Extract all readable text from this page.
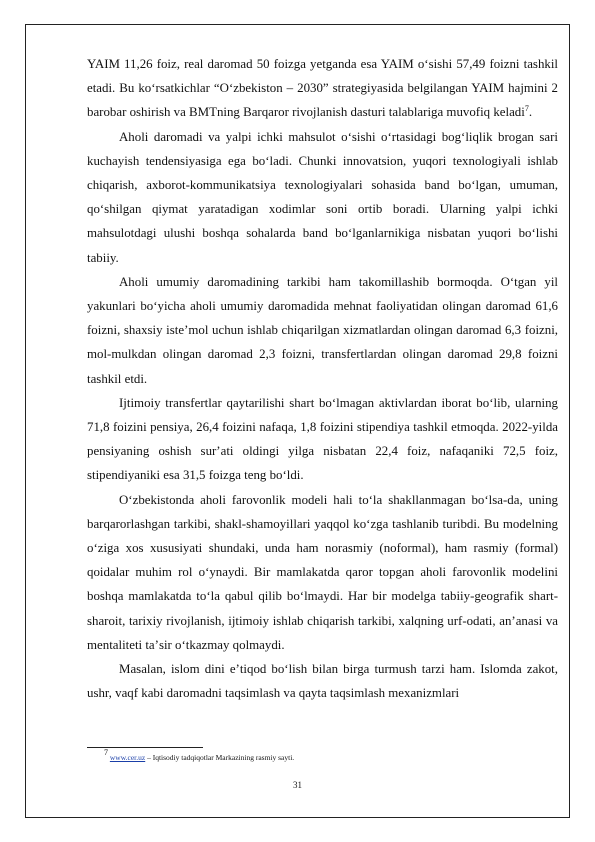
YAIM 11,26 foiz, real daromad 50 foizga yetganda esa YAIM o‘sishi 57,49 foizni tashkil etadi. Bu ko‘rsatkichlar “O‘zbekiston – 2030” strategiyasida belgilangan YAIM hajmini 2 barobar oshirish va BMTning Barqaror rivojlanish dasturi talablariga muvofiq keladi$^7$.

Aholi daromadi va yalpi ichki mahsulot o‘sishi o‘rtasidagi bog‘liqlik brogan sari kuchayish tendensiyasiga ega bo‘ladi. Chunki innovatsion, yuqori texnologiyali ishlab chiqarish, axborot-kommunikatsiya texnologiyalari sohasida band bo‘lgan, umuman, qo‘shilgan qiymat yaratadigan xodimlar soni ortib boradi. Ularning yalpi ichki mahsulotdagi ulushi boshqa sohalarda band bo‘lganlarnikiga nisbatan yuqori bo‘lishi tabiiy.

Aholi umumiy daromadining tarkibi ham takomillashib bormoqda. O‘tgan yil yakunlari bo‘yicha aholi umumiy daromadida mehnat faoliyatidan olingan daromad 61,6 foizni, shaxsiy isteʼmol uchun ishlab chiqarilgan xizmatlardan olingan daromad 6,3 foizni, mol-mulkdan olingan daromad 2,3 foizni, transfertlardan olingan daromad 29,8 foizni tashkil etdi.

Ijtimoiy transfertlar qaytarilishi shart bo‘lmagan aktivlardan iborat bo‘lib, ularning 71,8 foizini pensiya, 26,4 foizini nafaqa, 1,8 foizini stipendiya tashkil etmoqda. 2022-yilda pensiyaning oshish surʼati oldingi yilga nisbatan 22,4 foiz, nafaqaniki 72,5 foiz, stipendiyaniki esa 31,5 foizga teng bo‘ldi.

O‘zbekistonda aholi farovonlik modeli hali to‘la shakllanmagan bo‘lsa-da, uning barqarorlashgan tarkibi, shakl-shamoyillari yaqqol ko‘zga tashlanib turibdi. Bu modelning o‘ziga xos xususiyati shundaki, unda ham norasmiy (noformal), ham rasmiy (formal) qoidalar muhim rol o‘ynaydi. Bir mamlakatda qaror topgan aholi farovonlik modelini boshqa mamlakatda to‘la qabul qilib bo‘lmaydi. Har bir modelga tabiiy-geografik shart-sharoit, tarixiy rivojlanish, ijtimoiy ishlab chiqarish tarkibi, xalqning urf-odati, anʼanasi va mentaliteti taʼsir o‘tkazmay qolmaydi.

Masalan, islom dini eʼtiqod bo‘lish bilan birga turmush tarzi ham. Islomda zakot, ushr, vaqf kabi daromadni taqsimlash va qayta taqsimlash mexanizmlari

$^7$ www.cer.uz – Iqtisodiy tadqiqotlar Markazining rasmiy sayti.
31
